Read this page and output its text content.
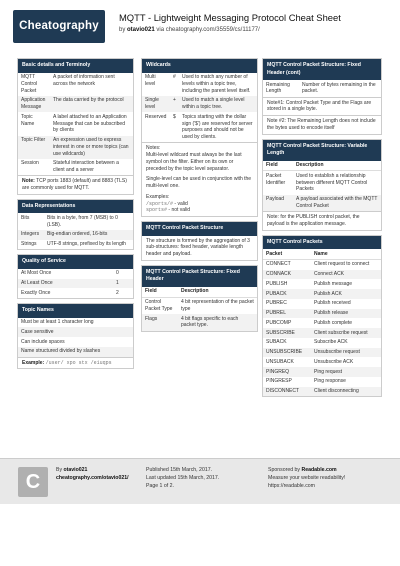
Cheatography
MQTT - Lightweight Messaging Protocol Cheat Sheet
by otavio021 via cheatography.com/35559/cs/11177/
Basic details and Terminoly
MQTT Control Packet	A packet of information sent across the network
Application Message	The data carried by the protocol
Topic Name	A label attached to an Application Message that can be subscribed by clients
Topic Filter	An expression used to express interest in one or more topics (can use wildcards)
Session	Stateful interaction between a client and a server
Note: TCP ports 1883 (default) and 8883 (TLS) are commonly used for MQTT.
Data Representations
Bits	Bits in a byte, from 7 (MSB) to 0 (LSB).
Integers	Big-endian ordered, 16-bits
Strings	UTF-8 strings, prefixed by its length
Quality of Service
At Most Once	0
At Least Once	1
Exactly Once	2
Topic Names
Must be at least 1 character long
Case sensitive
Can include spaces
Name structured divided by slashes
Example: /user/ xpo stx /eiuqps
Wildcards
Multi level	#	Used to match any number of levels within a topic tree, including the parent level itself.
Single level	+	Used to match a single level within a topic tree.
Reserved	$	Topics starting with the dollar sign ('$') are reserved for server purposes and should not be used by clients.
Notes:
Multi-level wildcard must always be the last symbol on the filter. Either on its own or preceded by the topic level separator.
Single-level can be used in conjunction with the multi-level one.
Examples:
/sports/# - valid
sports# - not valid
MQTT Control Packet Structure
The structure is formed by the aggregation of 3 sub-structures: fixed header, variable length header and payload.
MQTT Control Packet Structure: Fixed Header
Field	Description
Control Packet Type	4 bit representation of the packet type
Flags	4 bit flags specific to each packet type.
MQTT Control Packet Structure: Fixed Header (cont)
Remaining Length	Number of bytes remaining in the packet.
Note#1: Control Packet Type and the Flags are stored in a single byte.
Note #2: The Remaining Length does not include the bytes used to encode itself
MQTT Control Packet Structure: Variable Length
Field	Description
Packet Identifier	Used to establish a relationship between different MQTT Control Packets
Payload	A payload associated with the MQTT Control Packet
Note: for the PUBLISH control packet, the payload is the application message.
MQTT Control Packets
Packet	Name
CONNECT	Client request to connect
CONNACK	Connect ACK
PUBLISH	Publish message
PUBACK	Publish ACK
PUBREC	Publish received
PUBREL	Publish release
PUBCOMP	Publish complete
SUBSCRIBE	Client subscribe request
SUBACK	Subscribe ACK
UNSUBSCRIBE	Unsubscribe request
UNSUBACK	Unsubscribe ACK
PINGREQ	Ping request
PINGRESP	Ping response
DISCONNECT	Client disconnecting
C
By otavio021
cheatography.com/otavio021/
Published 15th March, 2017.
Last updated 15th March, 2017.
Page 1 of 2.
Sponsored by Readable.com
Measure your website readability!
https://readable.com
